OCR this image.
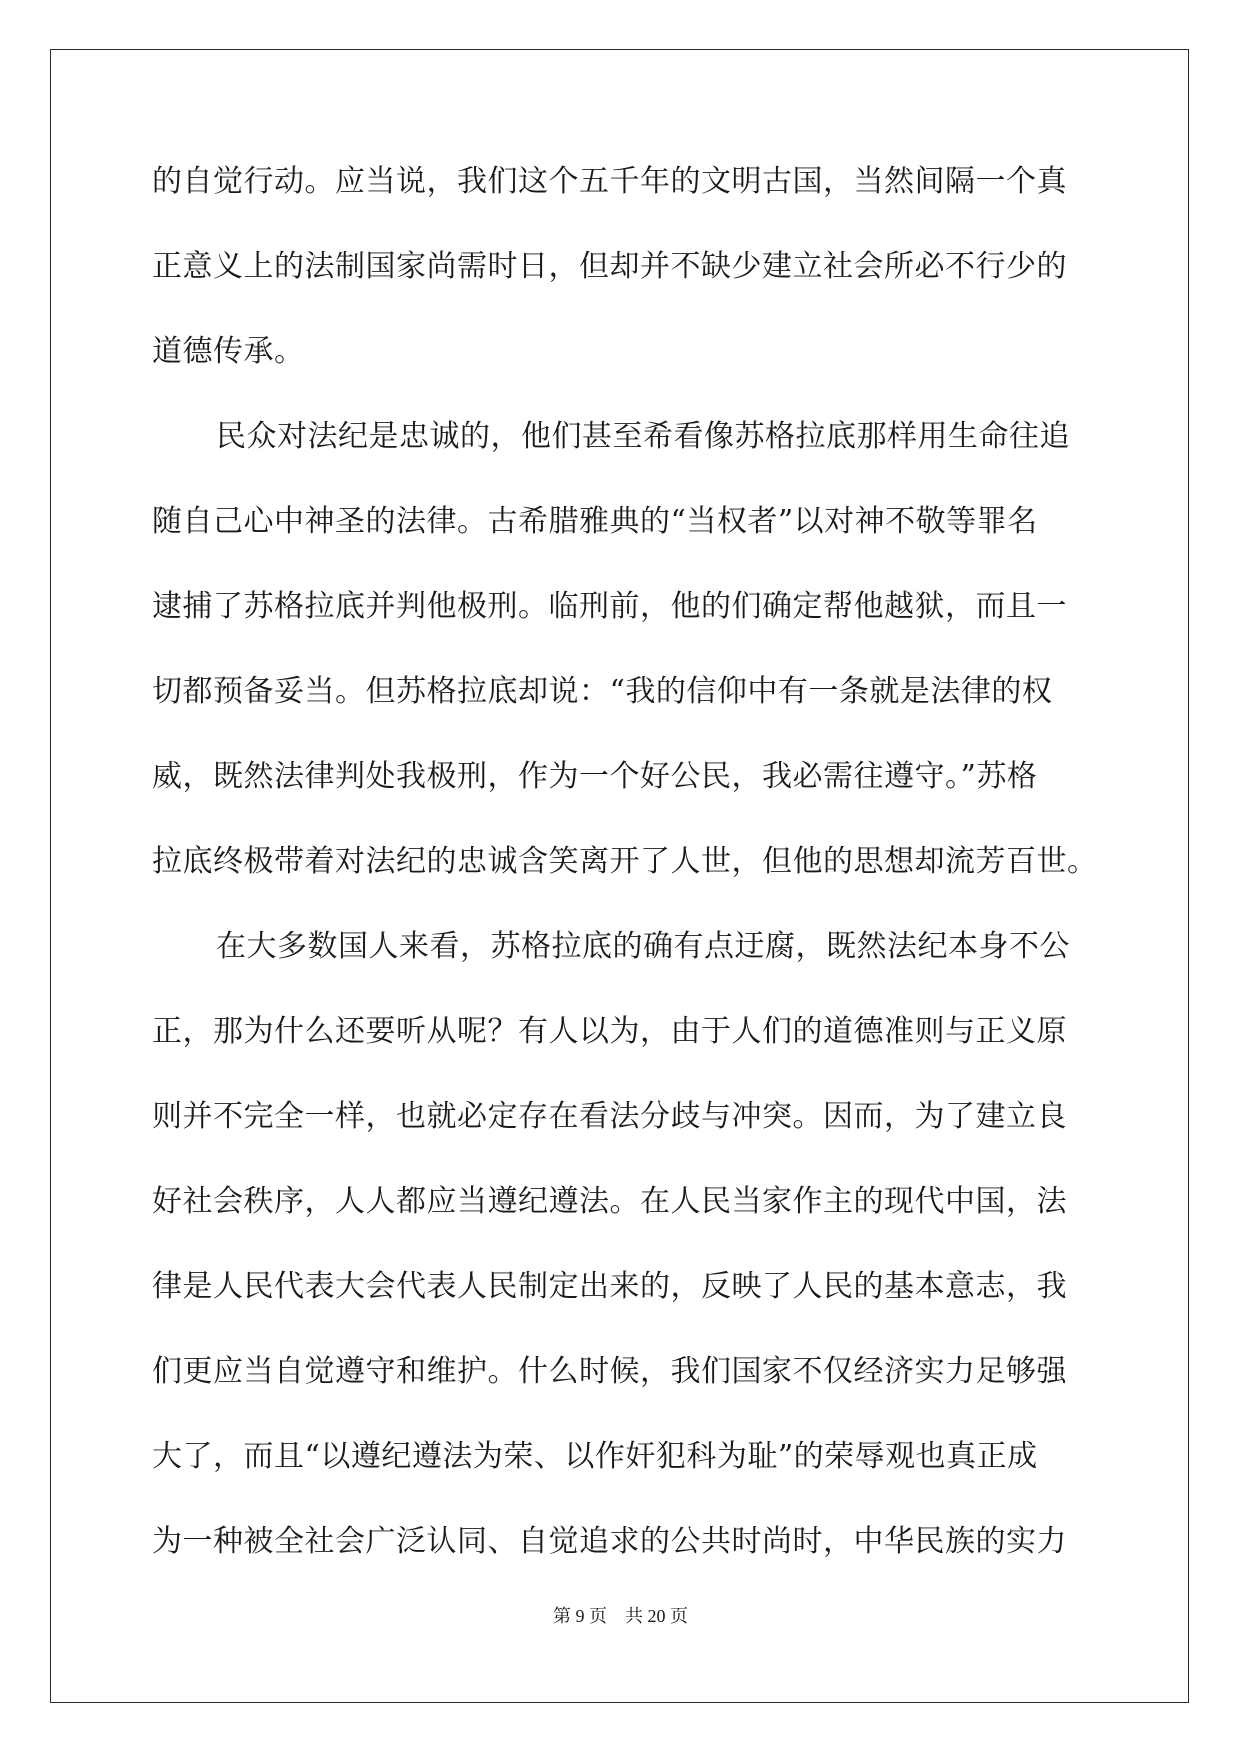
的自觉行动。应当说，我们这个五千年的文明古国，当然间隔一个真
正意义上的法制国家尚需时日，但却并不缺少建立社会所必不行少的
道德传承。
民众对法纪是忠诚的，他们甚至希看像苏格拉底那样用生命往追
随自己心中神圣的法律。古希腊雅典的“当权者”以对神不敬等罪名
逮捕了苏格拉底并判他极刑。临刑前，他的们确定帮他越狱，而且一
切都预备妥当。但苏格拉底却说：“我的信仰中有一条就是法律的权
威，既然法律判处我极刑，作为一个好公民，我必需往遵守。”苏格
拉底终极带着对法纪的忠诚含笑离开了人世，但他的思想却流芳百世。
在大多数国人来看，苏格拉底的确有点迂腐，既然法纪本身不公
正，那为什么还要听从呢？有人以为，由于人们的道德准则与正义原
则并不完全一样，也就必定存在看法分歧与冲突。因而，为了建立良
好社会秩序，人人都应当遵纪遵法。在人民当家作主的现代中国，法
律是人民代表大会代表人民制定出来的，反映了人民的基本意志，我
们更应当自觉遵守和维护。什么时候，我们国家不仅经济实力足够强
大了，而且“以遵纪遵法为荣、以作奸犯科为耻”的荣辱观也真正成
为一种被全社会广泛认同、自觉追求的公共时尚时，中华民族的实力
第 9 页    共 20 页
